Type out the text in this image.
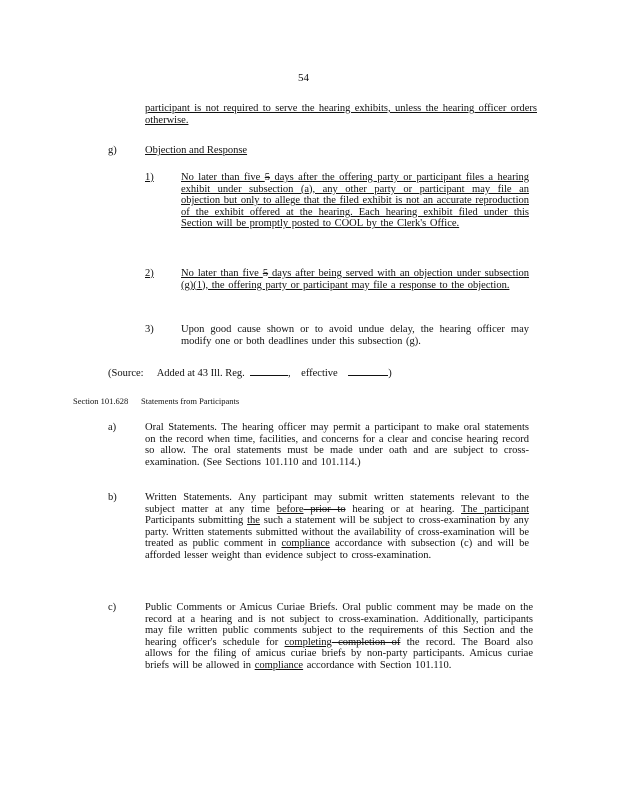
54
participant is not required to serve the hearing exhibits, unless the hearing officer orders otherwise.
g)	Objection and Response
1)	No later than five 5 days after the offering party or participant files a hearing exhibit under subsection (a), any other party or participant may file an objection but only to allege that the filed exhibit is not an accurate reproduction of the exhibit offered at the hearing. Each hearing exhibit filed under this Section will be promptly posted to COOL by the Clerk's Office.
2)	No later than five 5 days after being served with an objection under subsection (g)(1), the offering party or participant may file a response to the objection.
3)	Upon good cause shown or to avoid undue delay, the hearing officer may modify one or both deadlines under this subsection (g).
(Source: Added at 43 Ill. Reg.	, effective	)
Section 101.628 Statements from Participants
a)	Oral Statements. The hearing officer may permit a participant to make oral statements on the record when time, facilities, and concerns for a clear and concise hearing record so allow. The oral statements must be made under oath and are subject to cross-examination. (See Sections 101.110 and 101.114.)
b)	Written Statements. Any participant may submit written statements relevant to the subject matter at any time before prior to hearing or at hearing. The participant Participants submitting the such a statement will be subject to cross-examination by any party. Written statements submitted without the availability of cross-examination will be treated as public comment in compliance accordance with subsection (c) and will be afforded lesser weight than evidence subject to cross-examination.
c)	Public Comments or Amicus Curiae Briefs. Oral public comment may be made on the record at a hearing and is not subject to cross-examination. Additionally, participants may file written public comments subject to the requirements of this Section and the hearing officer's schedule for completing completion of the record. The Board also allows for the filing of amicus curiae briefs by non-party participants. Amicus curiae briefs will be allowed in compliance accordance with Section 101.110.
